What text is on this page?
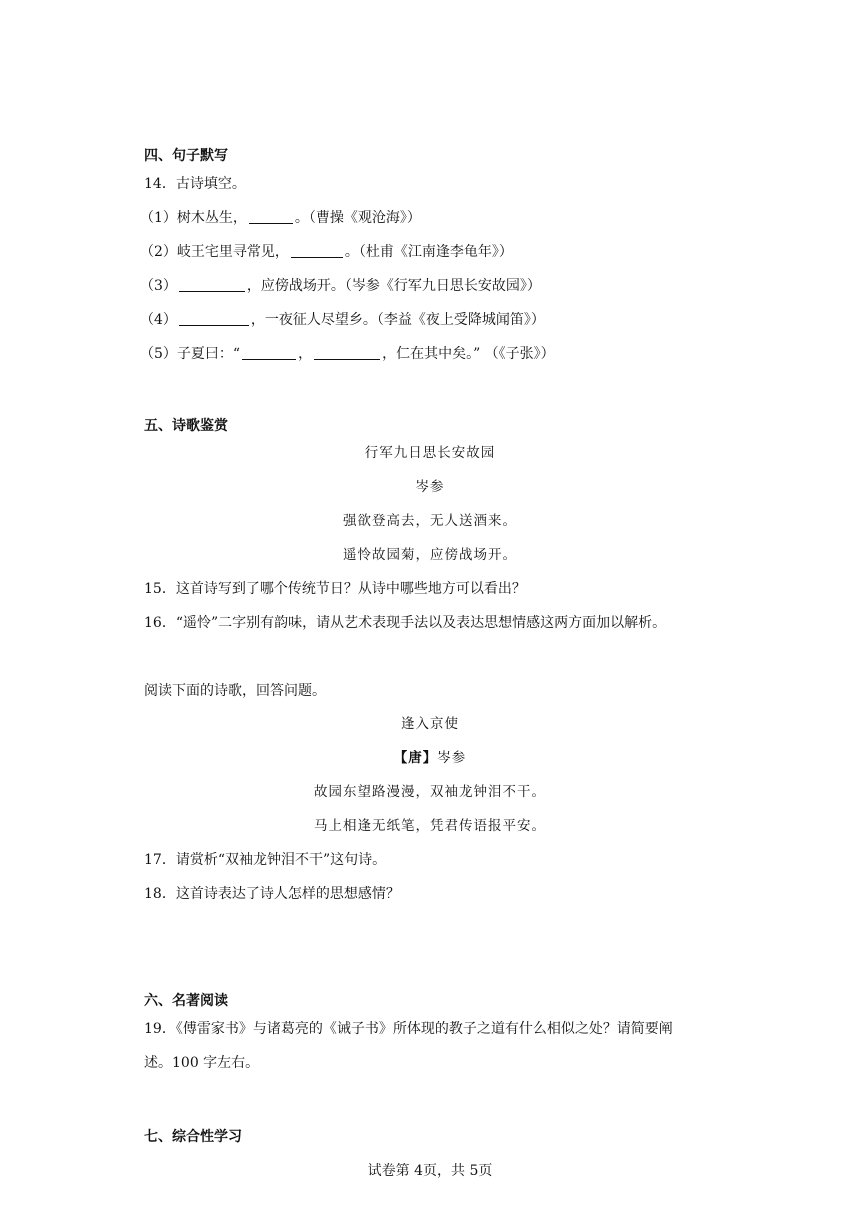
四、句子默写
14．古诗填空。
（1）树木丛生，	。（曹操《观沧海》）
（2）岐王宅里寻常见，	。（杜甫《江南逢李龟年》）
（3）	，应傍战场开。（岑参《行军九日思长安故园》）
（4）	，一夜征人尽望乡。（李益《夜上受降城闻笛》）
（5）子夏曰：“	，	，仁在其中矣。” （《子张》）
五、诗歌鉴赏
行军九日思长安故园
岑参
强欲登高去，无人送酒来。
遥怜故园菊，应傍战场开。
15．这首诗写到了哪个传统节日？从诗中哪些地方可以看出？
16．“遥怜”二字别有韵味，请从艺术表现手法以及表达思想情感这两方面加以解析。
阅读下面的诗歌，回答问题。
逢入京使
【唐】岑参
故园东望路漫漫，双袖龙钟泪不干。
马上相逢无纸笔，凭君传语报平安。
17．请赏析“双袖龙钟泪不干”这句诗。
18．这首诗表达了诗人怎样的思想感情？
六、名著阅读
19．《傅雷家书》与诸葛亮的《诫子书》所体现的教子之道有什么相似之处？请简要阐
述。100 字左右。
七、综合性学习
试卷第 4页，共 5页
